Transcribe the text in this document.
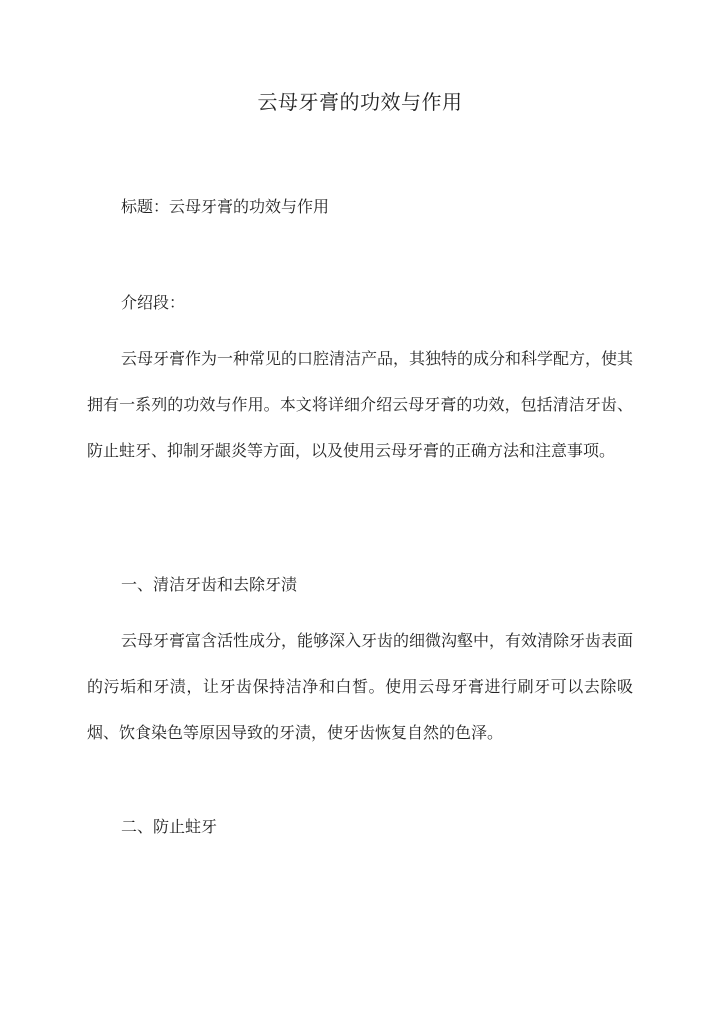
云母牙膏的功效与作用
标题：云母牙膏的功效与作用
介绍段：
云母牙膏作为一种常见的口腔清洁产品，其独特的成分和科学配方，使其拥有一系列的功效与作用。本文将详细介绍云母牙膏的功效，包括清洁牙齿、防止蛀牙、抑制牙龈炎等方面，以及使用云母牙膏的正确方法和注意事项。
一、清洁牙齿和去除牙渍
云母牙膏富含活性成分，能够深入牙齿的细微沟壑中，有效清除牙齿表面的污垢和牙渍，让牙齿保持洁净和白皙。使用云母牙膏进行刷牙可以去除吸烟、饮食染色等原因导致的牙渍，使牙齿恢复自然的色泽。
二、防止蛀牙
